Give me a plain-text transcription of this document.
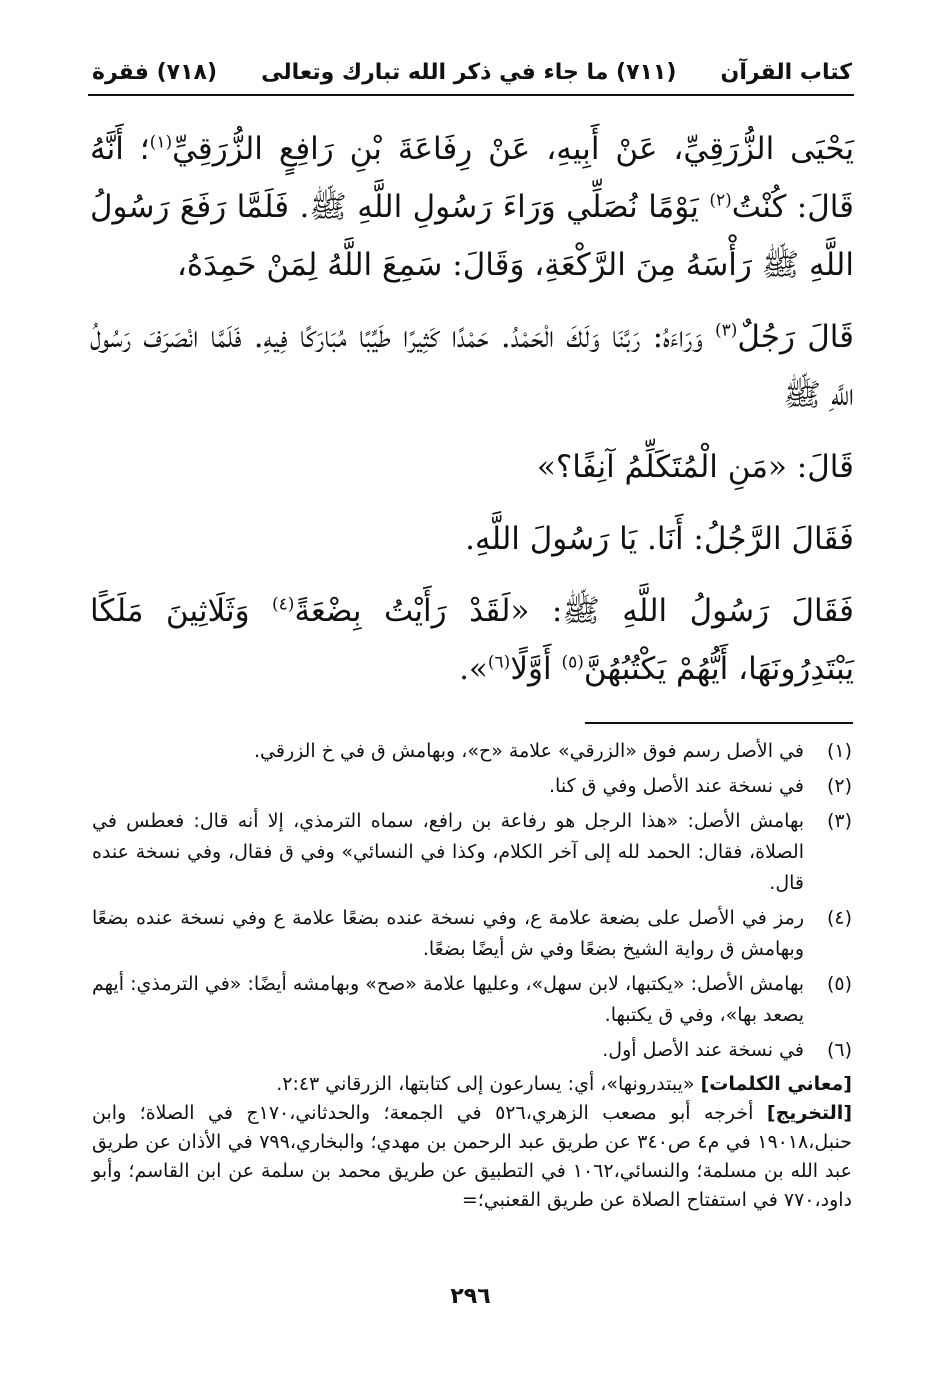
كتاب القرآن
(٧١١) ما جاء في ذكر الله تبارك وتعالى
(٧١٨) فقرة

يَحْيَى الزُّرَقِيِّ، عَنْ أَبِيهِ، عَنْ رِفَاعَةَ بْنِ رَافِعٍ الزُّرَقِيِّ$^{(١)}$؛ أَنَّهُ قَالَ: كُنْتُ$^{(٢)}$ يَوْمًا نُصَلِّي وَرَاءَ رَسُولِ اللَّهِ ﷺ. فَلَمَّا رَفَعَ رَسُولُ اللَّهِ ﷺ رَأْسَهُ مِنَ الرَّكْعَةِ، وَقَالَ: سَمِعَ اللَّهُ لِمَنْ حَمِدَهُ،

قَالَ رَجُلٌ$^{(٣)}$ وَرَاءَهُ: رَبَّنَا وَلَكَ الْحَمْدُ. حَمْدًا كَثِيرًا طَيِّبًا مُبَارَكًا فِيهِ. فَلَمَّا انْصَرَفَ رَسُولُ اللَّهِ ﷺ

قَالَ: «مَنِ الْمُتَكَلِّمُ آنِفًا؟»

فَقَالَ الرَّجُلُ: أَنَا. يَا رَسُولَ اللَّهِ.

فَقَالَ رَسُولُ اللَّهِ ﷺ: «لَقَدْ رَأَيْتُ بِضْعَةً$^{(٤)}$ وَثَلَاثِينَ مَلَكًا يَبْتَدِرُونَهَا، أَيُّهُمْ يَكْتُبُهُنَّ$^{(٥)}$ أَوَّلًا$^{(٦)}$».

(١)
في الأصل رسم فوق «الزرقي» علامة «ح»، وبهامش ق في خ الزرقي.
(٢)
في نسخة عند الأصل وفي ق كنا.
(٣)
بهامش الأصل: «هذا الرجل هو رفاعة بن رافع، سماه الترمذي، إلا أنه قال: فعطس في الصلاة، فقال: الحمد لله إلى آخر الكلام، وكذا في النسائي» وفي ق فقال، وفي نسخة عنده قال.
(٤)
رمز في الأصل على بضعة علامة ع، وفي نسخة عنده بضعًا علامة ع وفي نسخة عنده بضعًا وبهامش ق رواية الشيخ بضعًا وفي ش أيضًا بضعًا.
(٥)
بهامش الأصل: «يكتبها، لابن سهل»، وعليها علامة «صح» وبهامشه أيضًا: «في الترمذي: أيهم يصعد بها»، وفي ق يكتبها.
(٦)
في نسخة عند الأصل أول.

[معاني الكلمات] «يبتدرونها»، أي: يسارعون إلى كتابتها، الزرقاني ٢:٤٣.

[التخريج] أخرجه أبو مصعب الزهري،٥٢٦ في الجمعة؛ والحدثاني،١٧٠ج في الصلاة؛ وابن حنبل،١٩٠١٨ في م٤ ص٣٤٠ عن طريق عبد الرحمن بن مهدي؛ والبخاري،٧٩٩ في الأذان عن طريق عبد الله بن مسلمة؛ والنسائي،١٠٦٢ في التطبيق عن طريق محمد بن سلمة عن ابن القاسم؛ وأبو داود،٧٧٠ في استفتاح الصلاة عن طريق القعنبي؛=

٢٩٦
